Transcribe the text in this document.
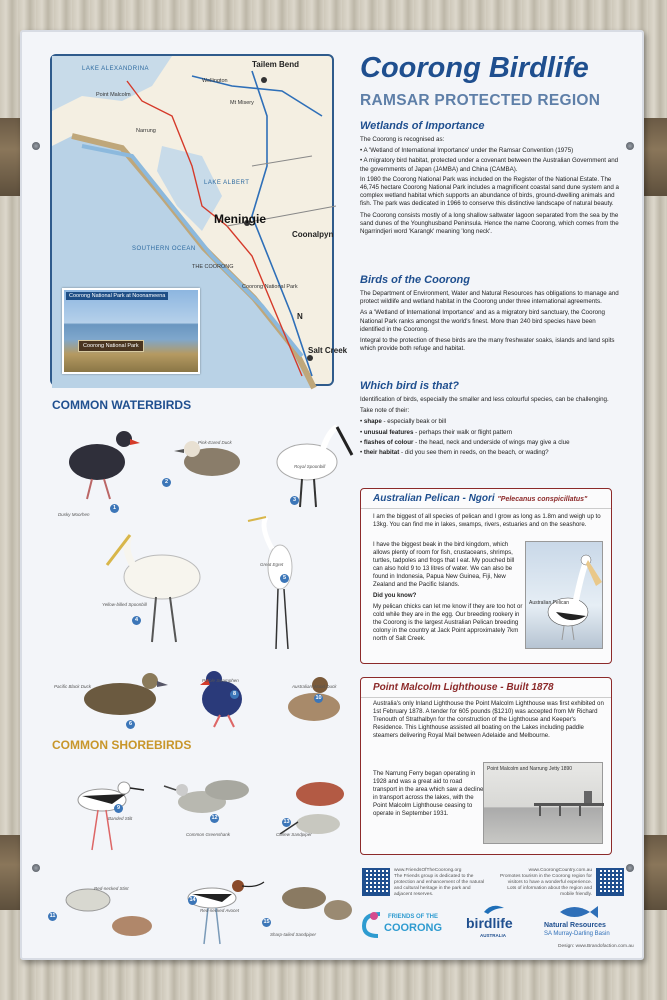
LAKE ALEXANDRINA	Tailem Bend
Meningie
Coonalpyn
LAKE ALBERT
SOUTHERN OCEAN
Salt Creek
Narrung
Point Malcolm
Mt Misery
Wellington
THE COORONG
Coorong National Park
N
Coorong National Park at Noonameena
Coorong National Park
Coorong Birdlife
RAMSAR PROTECTED REGION
Wetlands of Importance

The Coorong is recognised as:

• A 'Wetland of International Importance' under the Ramsar Convention (1975)
• A migratory bird habitat, protected under a covenant between the Australian Government and the governments of Japan (JAMBA) and China (CAMBA).

In 1980 the Coorong National Park was included on the Register of the National Estate. The 46,745 hectare Coorong National Park includes a magnificent coastal sand dune system and a complex wetland habitat which supports an abundance of birds, ground-dwelling animals and fish. The park was dedicated in 1966 to conserve this distinctive landscape of natural beauty.

The Coorong consists mostly of a long shallow saltwater lagoon separated from the sea by the sand dunes of the Younghusband Peninsula. Hence the name Coorong, which comes from the Ngarrindjeri word 'Karangk' meaning 'long neck'.

Birds of the Coorong

The Department of Environment, Water and Natural Resources has obligations to manage and protect wildlife and wetland habitat in the Coorong under three international agreements.

As a 'Wetland of International Importance' and as a migratory bird sanctuary, the Coorong National Park ranks amongst the world's finest. More than 240 bird species have been identified in the Coorong.

Integral to the protection of these birds are the many freshwater soaks, islands and land spits which provide both refuge and habitat.

Which bird is that?

Identification of birds, especially the smaller and less colourful species, can be challenging.

Take note of their:

• shape - especially beak or bill
• unusual features - perhaps their walk or flight pattern
• flashes of colour - the head, neck and underside of wings may give a clue
• their habitat - did you see them in reeds, on the beach, or wading?
Australian Pelican - Ngori "Pelecanus conspicillatus"

I am the biggest of all species of pelican and I grow as long as 1.8m and weigh up to 13kg. You can find me in lakes, swamps, rivers, estuaries and on the seashore.

I have the biggest beak in the bird kingdom, which allows plenty of room for fish, crustaceans, shrimps, turtles, tadpoles and frogs that I eat. My pouched bill can also hold 9 to 13 litres of water. We can also be found in Indonesia, Papua New Guinea, Fiji, New Zealand and the Pacific Islands.

Did you know?

My pelican chicks can let me know if they are too hot or cold while they are in the egg. Our breeding rookery in the Coorong is the largest Australian Pelican breeding colony in the country at Jack Point approximately 7km north of Salt Creek.

Australian Pelican
Point Malcolm Lighthouse - Built 1878

Australia's only Inland Lighthouse the Point Malcolm Lighthouse was first exhibited on 1st February 1878. A tender for 605 pounds ($1210) was accepted from Mr Richard Trenouth of Strathalbyn for the construction of the Lighthouse and Keeper's Residence. This Lighthouse assisted all boating on the Lakes including paddle steamers delivering Royal Mail between Adelaide and Melbourne.

The Narrung Ferry began operating in 1928 and was a great aid to road transport in the area which saw a decline in transport across the lakes, with the Point Malcolm Lighthouse ceasing to operate in September 1931.

Point Malcolm and Narrung Jetty 1890
COMMON WATERBIRDS
1
Dusky Moorhen
2
Pink-Eared Duck
3
Royal Spoonbill
4
Yellow-billed Spoonbill
5
Great Egret
6
Pacific Black Duck
8
Purple Swamphen
10
Australian Wood Duck
COMMON SHOREBIRDS
9
Banded Stilt	12
Common Greenshank
13
Curlew Sandpiper
11
Red-necked Stint
14
Red-necked Avocet
15
Sharp-tailed Sandpiper
www.FriendsOfTheCoorong.org
The Friends group is dedicated to the protection and enhancement of the natural and cultural heritage in the park and adjacent reserves.
www.CoorongCountry.com.au
Promotes tourism in the Coorong region for visitors to have a wonderful experience. Lots of information about the region and mobile friendly.
FRIENDS OF THE
COORONG birdlife
AUSTRALIA
Natural Resources
SA Murray-Darling Basin
Design: www.Brandofaction.com.au
